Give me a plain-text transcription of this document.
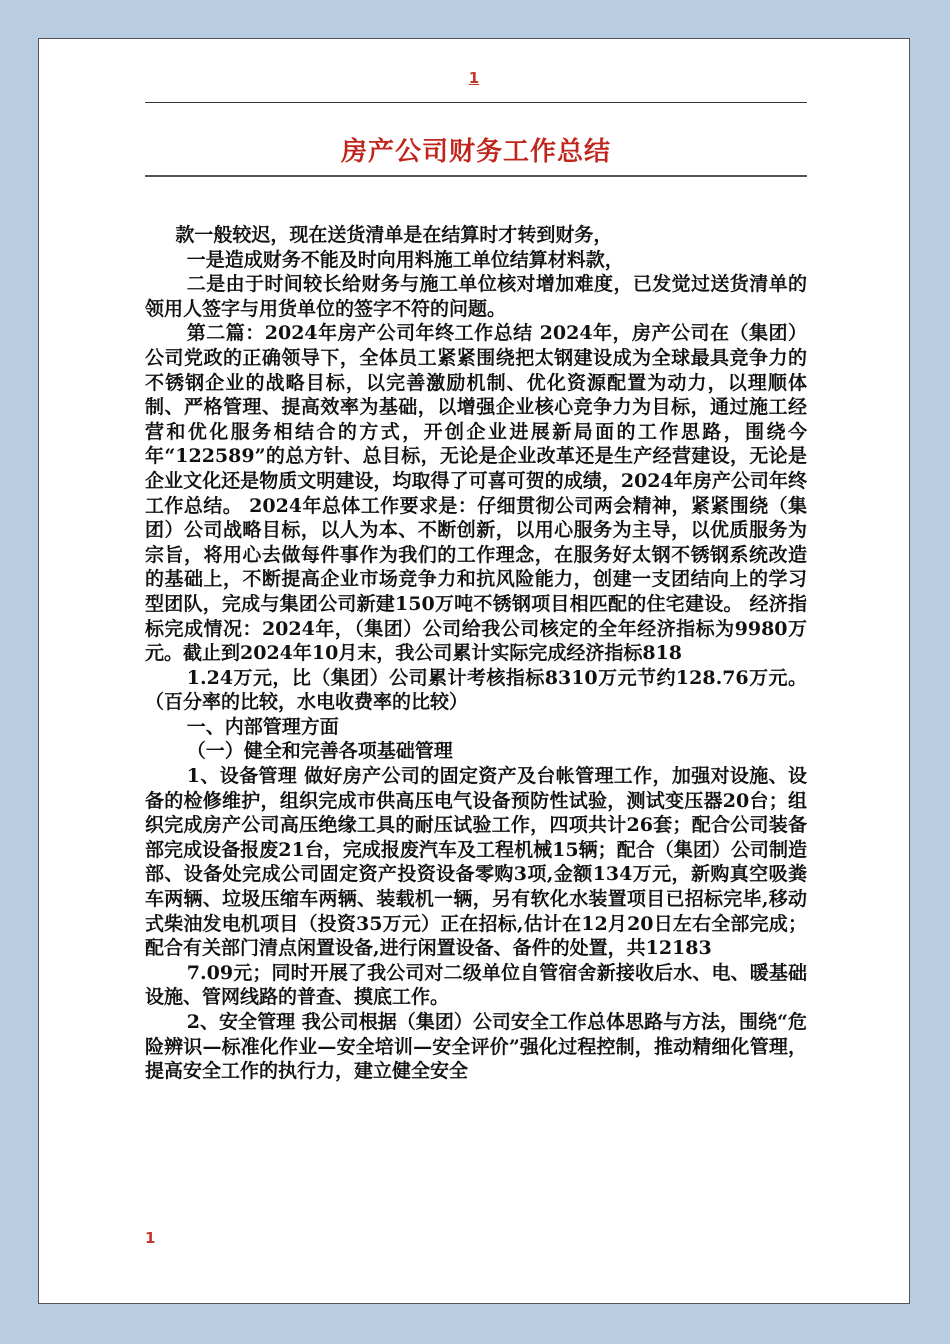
1
房产公司财务工作总结

款一般较迟，现在送货清单是在结算时才转到财务，

一是造成财务不能及时向用料施工单位结算材料款，

二是由于时间较长给财务与施工单位核对增加难度，已发觉过送货清单的领用人签字与用货单位的签字不符的问题。

第二篇：2024年房产公司年终工作总结 2024年，房产公司在（集团）公司党政的正确领导下，全体员工紧紧围绕把太钢建设成为全球最具竞争力的不锈钢企业的战略目标，以完善激励机制、优化资源配置为动力，以理顺体制、严格管理、提高效率为基础，以增强企业核心竞争力为目标，通过施工经营和优化服务相结合的方式，开创企业进展新局面的工作思路，围绕今年“122589”的总方针、总目标，无论是企业改革还是生产经营建设，无论是企业文化还是物质文明建设，均取得了可喜可贺的成绩，2024年房产公司年终工作总结。 2024年总体工作要求是：仔细贯彻公司两会精神，紧紧围绕（集团）公司战略目标，以人为本、不断创新，以用心服务为主导，以优质服务为宗旨，将用心去做每件事作为我们的工作理念，在服务好太钢不锈钢系统改造的基础上，不断提高企业市场竞争力和抗风险能力，创建一支团结向上的学习型团队，完成与集团公司新建150万吨不锈钢项目相匹配的住宅建设。 经济指标完成情况：2024年，（集团）公司给我公司核定的全年经济指标为9980万元。截止到2024年10月末，我公司累计实际完成经济指标818

1.24万元，比（集团）公司累计考核指标8310万元节约128.76万元。（百分率的比较，水电收费率的比较）

一、内部管理方面

（一）健全和完善各项基础管理

1、设备管理 做好房产公司的固定资产及台帐管理工作，加强对设施、设备的检修维护，组织完成市供高压电气设备预防性试验，测试变压器20台；组织完成房产公司高压绝缘工具的耐压试验工作，四项共计26套；配合公司装备部完成设备报废21台，完成报废汽车及工程机械15辆；配合（集团）公司制造部、设备处完成公司固定资产投资设备零购3项,金额134万元，新购真空吸粪车两辆、垃圾压缩车两辆、装载机一辆，另有软化水装置项目已招标完毕,移动式柴油发电机项目（投资35万元）正在招标,估计在12月20日左右全部完成；配合有关部门清点闲置设备,进行闲置设备、备件的处置，共12183

7.09元；同时开展了我公司对二级单位自管宿舍新接收后水、电、暖基础设施、管网线路的普查、摸底工作。

2、安全管理 我公司根据（集团）公司安全工作总体思路与方法，围绕“危险辨识—标准化作业—安全培训—安全评价”强化过程控制，推动精细化管理，提高安全工作的执行力，建立健全安全

1
